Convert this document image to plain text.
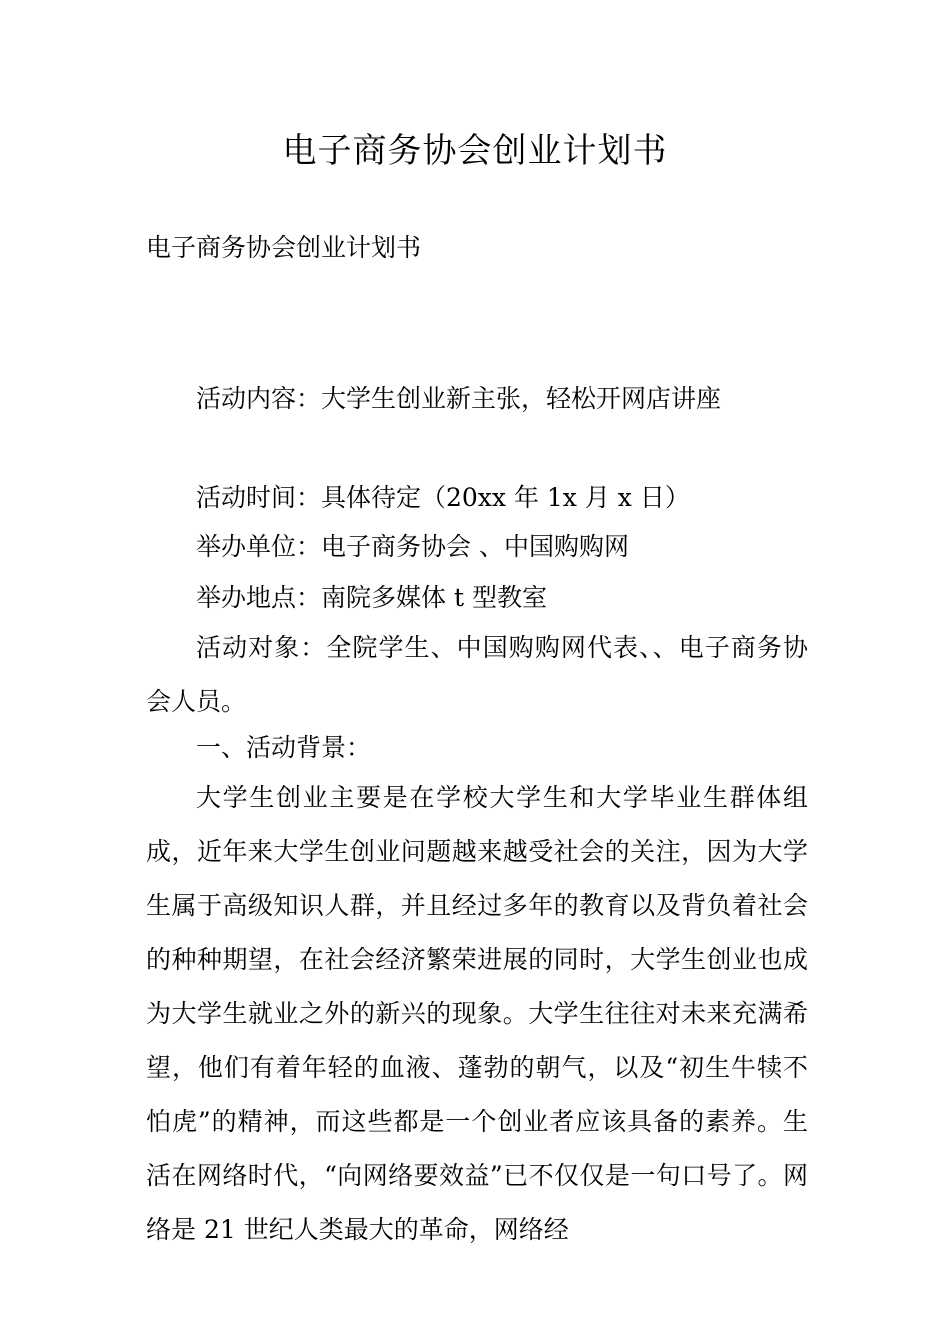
电子商务协会创业计划书
电子商务协会创业计划书
活动内容：大学生创业新主张，轻松开网店讲座
活动时间：具体待定（20xx 年 1x 月 x 日）
举办单位：电子商务协会 、中国购购网
举办地点：南院多媒体 t 型教室
活动对象：全院学生、中国购购网代表、、电子商务协会人员。
一、活动背景：
大学生创业主要是在学校大学生和大学毕业生群体组成，近年来大学生创业问题越来越受社会的关注，因为大学生属于高级知识人群，并且经过多年的教育以及背负着社会的种种期望，在社会经济繁荣进展的同时，大学生创业也成为大学生就业之外的新兴的现象。大学生往往对未来充满希望，他们有着年轻的血液、蓬勃的朝气，以及“初生牛犊不怕虎”的精神，而这些都是一个创业者应该具备的素养。生活在网络时代，“向网络要效益”已不仅仅是一句口号了。网络是 21 世纪人类最大的革命，网络经
